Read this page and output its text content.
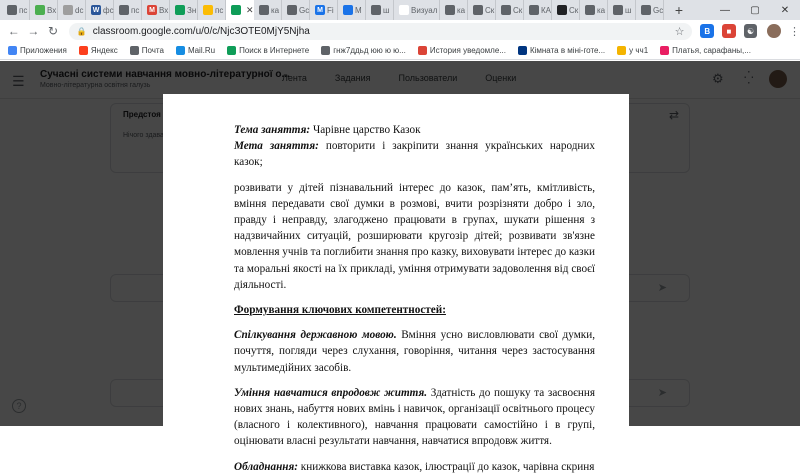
пс Вх dc W фс пс M Вх Зн пс	✕ ка Gc M Fi	M	ш	Визуал ка Ск Ск КА Ск ка ш	Gc +	—	▢	✕
← → ↻	🔒 classroom.google.com/u/0/c/NjcЗОТЕ0MjY5Njha	☆	B	■	☯	⋮
Приложения	Яндекс	Почта	Mail.Ru	Поиск в Интернете	гнж7ддьд юю ю ю...	История уведомле...	Кімната в міні-готе...	у чч1	Платья, сарафаны,...

Тема заняття: Чарівне царство Казок

Мета заняття: повторити і закріпити знання українських народних казок;

розвивати у дітей пізнавальний інтерес до казок, пам’ять, кмітливість, вміння передавати свої думки в розмові, вчити розрізняти добро і зло, правду і неправду, злагоджено працювати в групах, шукати рішення з надзвичайних ситуацій, розширювати кругозір дітей; розвивати зв'язне мовлення учнів та поглибити знання про казку, виховувати інтерес до казки та моральні якості на їх прикладі, уміння отримувати задоволення від своєї діяльності.

Формування ключових компетентностей:

Спілкування державною мовою. Вміння усно висловлювати свої думки, почуття, погляди через слухання, говоріння, читання через застосування мультимедійних засобів.

Уміння навчатися впродовж життя. Здатність до пошуку та засвоєння нових знань, набуття нових вмінь і навичок, організації освітнього процесу (власного і колективного), навчання працювати самостійно і в групі, оцінювати власні результати навчання, навчатися впродовж життя.

Обладнання: книжкова виставка казок, ілюстрації до казок, чарівна скриня
